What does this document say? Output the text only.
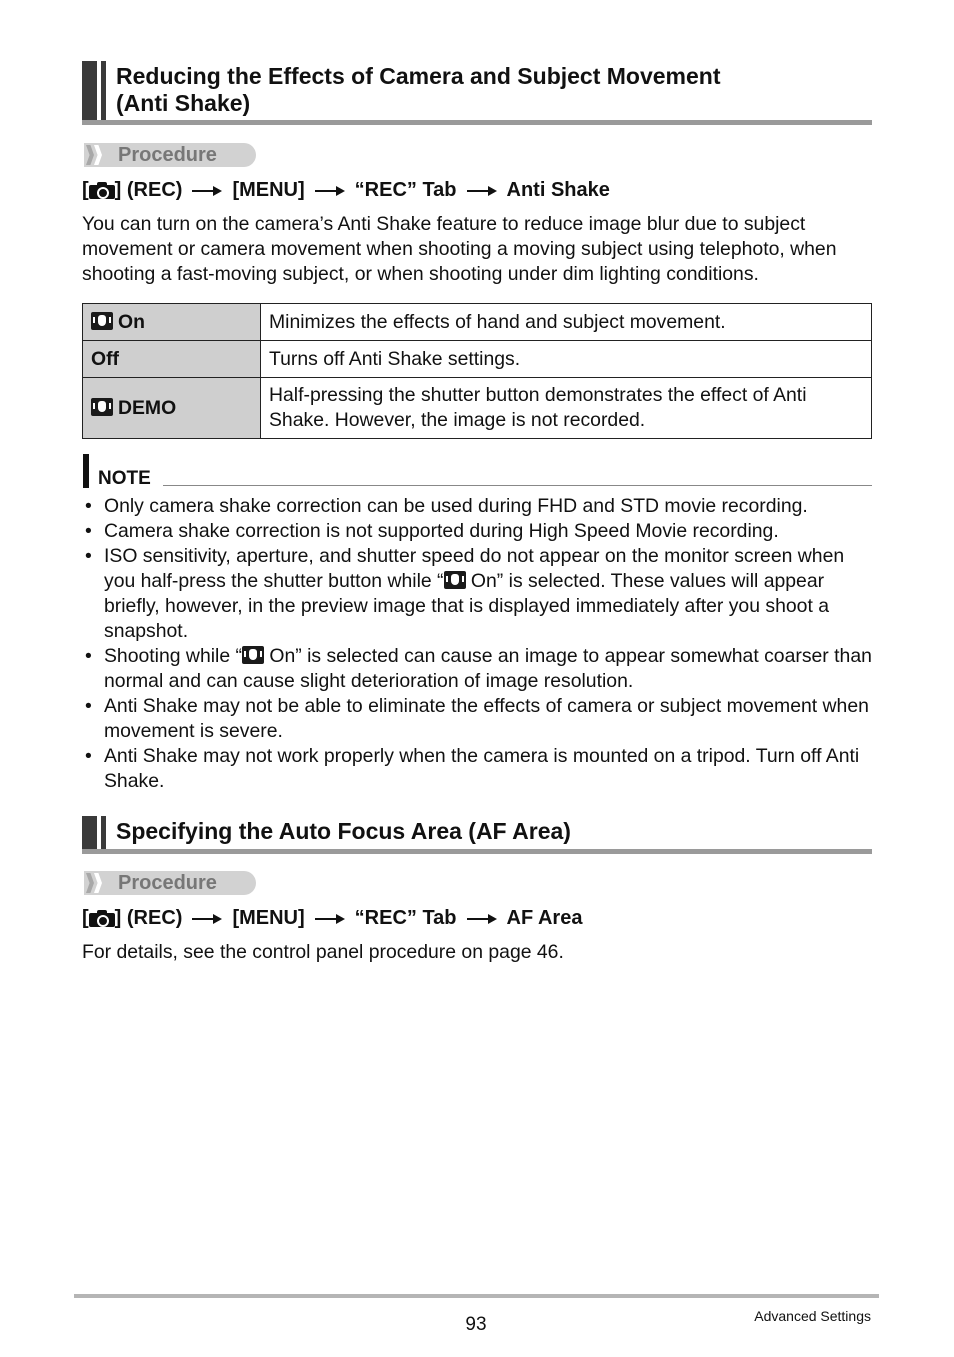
Reducing the Effects of Camera and Subject Movement
(Anti Shake)
Procedure
[ ] (REC)	[MENU]	“REC” Tab	Anti Shake
You can turn on the camera’s Anti Shake feature to reduce image blur due to subject movement or camera movement when shooting a moving subject using telephoto, when shooting a fast-moving subject, or when shooting under dim lighting conditions.
On	Minimizes the effects of hand and subject movement.
Off	Turns off Anti Shake settings.
DEMO	Half-pressing the shutter button demonstrates the effect of Anti Shake. However, the image is not recorded.
NOTE
• Only camera shake correction can be used during FHD and STD movie recording.
• Camera shake correction is not supported during High Speed Movie recording.
• ISO sensitivity, aperture, and shutter speed do not appear on the monitor screen when you half-press the shutter button while “ On” is selected. These values will appear briefly, however, in the preview image that is displayed immediately after you shoot a snapshot.
• Shooting while “ On” is selected can cause an image to appear somewhat coarser than normal and can cause slight deterioration of image resolution.
• Anti Shake may not be able to eliminate the effects of camera or subject movement when movement is severe.
• Anti Shake may not work properly when the camera is mounted on a tripod. Turn off Anti Shake.
Specifying the Auto Focus Area (AF Area)
Procedure
[ ] (REC)	[MENU]	“REC” Tab	AF Area
For details, see the control panel procedure on page 46.
93	Advanced Settings
